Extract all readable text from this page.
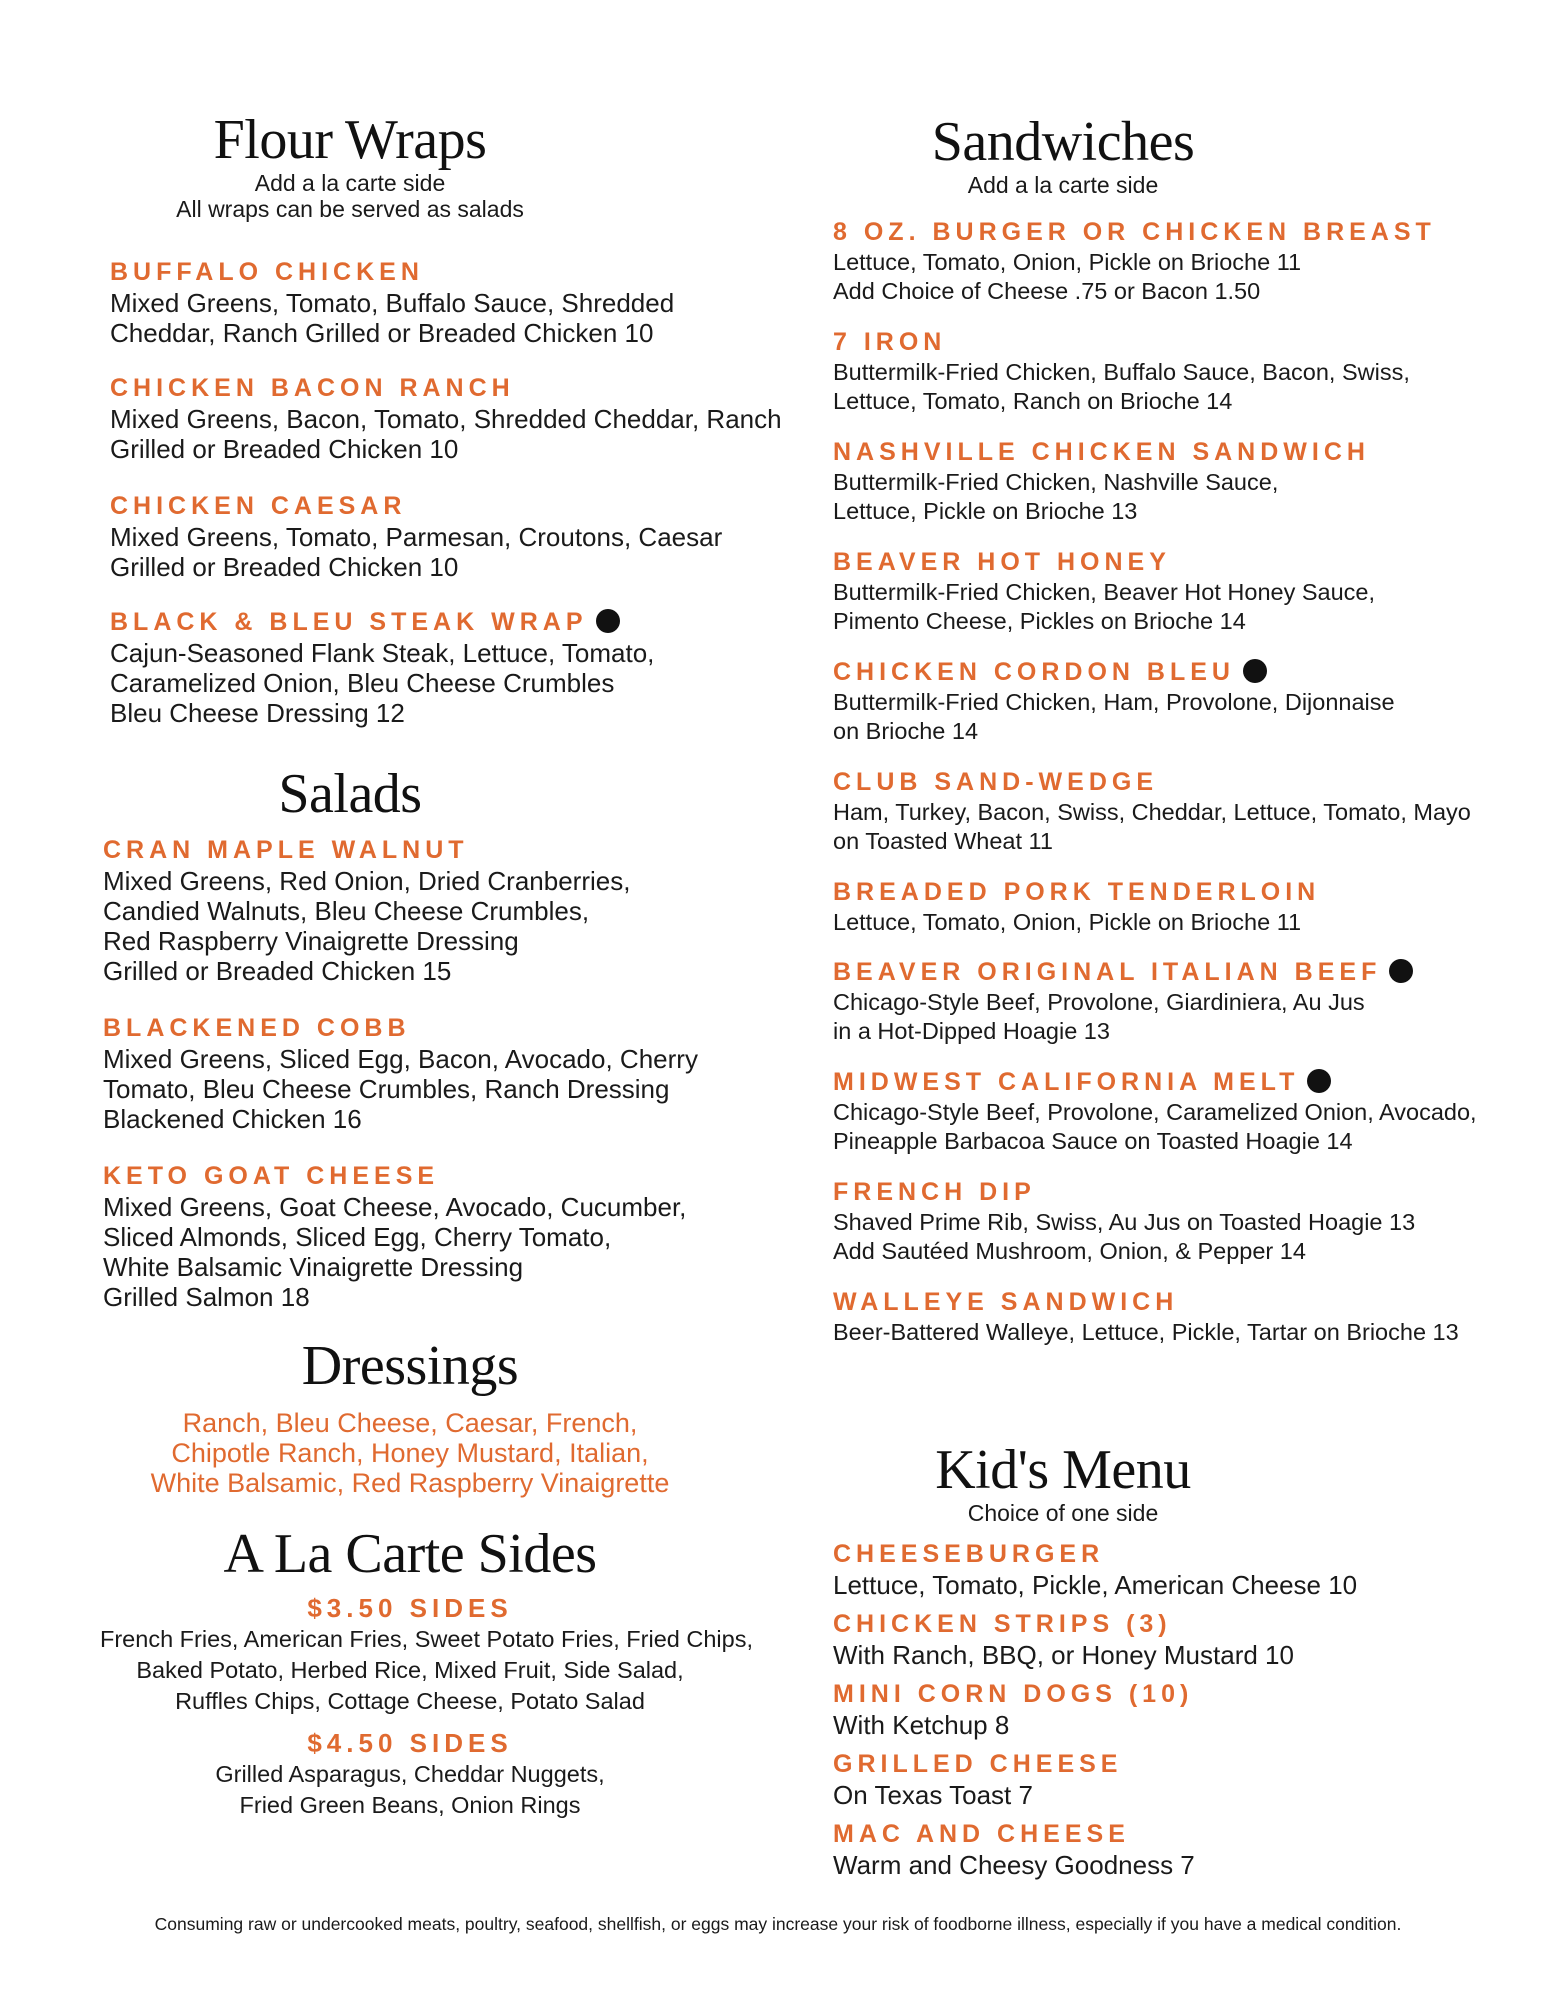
Flour Wraps

Add a la carte side

All wraps can be served as salads

BUFFALO CHICKEN

Mixed Greens, Tomato, Buffalo Sauce, Shredded

Cheddar, Ranch Grilled or Breaded Chicken 10

CHICKEN BACON RANCH

Mixed Greens, Bacon, Tomato, Shredded Cheddar, Ranch

Grilled or Breaded Chicken 10

CHICKEN CAESAR

Mixed Greens, Tomato, Parmesan, Croutons, Caesar

Grilled or Breaded Chicken 10

BLACK & BLEU STEAK WRAP

Cajun-Seasoned Flank Steak, Lettuce, Tomato,

Caramelized Onion, Bleu Cheese Crumbles

Bleu Cheese Dressing 12

Salads

CRAN MAPLE WALNUT

Mixed Greens, Red Onion, Dried Cranberries,

Candied Walnuts, Bleu Cheese Crumbles,

Red Raspberry Vinaigrette Dressing

Grilled or Breaded Chicken 15

BLACKENED COBB

Mixed Greens, Sliced Egg, Bacon, Avocado, Cherry

Tomato, Bleu Cheese Crumbles, Ranch Dressing

Blackened Chicken 16

KETO GOAT CHEESE

Mixed Greens, Goat Cheese, Avocado, Cucumber,

Sliced Almonds, Sliced Egg, Cherry Tomato,

White Balsamic Vinaigrette Dressing

Grilled Salmon 18

Dressings

Ranch, Bleu Cheese, Caesar, French,

Chipotle Ranch, Honey Mustard, Italian,

White Balsamic, Red Raspberry Vinaigrette

A La Carte Sides

$3.50 SIDES

French Fries, American Fries, Sweet Potato Fries, Fried Chips,

Baked Potato, Herbed Rice, Mixed Fruit, Side Salad,

Ruffles Chips, Cottage Cheese, Potato Salad

$4.50 SIDES

Grilled Asparagus, Cheddar Nuggets,

Fried Green Beans, Onion Rings

Sandwiches

Add a la carte side

8 OZ. BURGER OR CHICKEN BREAST

Lettuce, Tomato, Onion, Pickle on Brioche 11

Add Choice of Cheese .75 or Bacon 1.50

7 IRON

Buttermilk-Fried Chicken, Buffalo Sauce, Bacon, Swiss,

Lettuce, Tomato, Ranch on Brioche 14

NASHVILLE CHICKEN SANDWICH

Buttermilk-Fried Chicken, Nashville Sauce,

Lettuce, Pickle on Brioche 13

BEAVER HOT HONEY

Buttermilk-Fried Chicken, Beaver Hot Honey Sauce,

Pimento Cheese, Pickles on Brioche 14

CHICKEN CORDON BLEU

Buttermilk-Fried Chicken, Ham, Provolone, Dijonnaise

on Brioche 14

CLUB SAND-WEDGE

Ham, Turkey, Bacon, Swiss, Cheddar, Lettuce, Tomato, Mayo

on Toasted Wheat 11

BREADED PORK TENDERLOIN

Lettuce, Tomato, Onion, Pickle on Brioche 11

BEAVER ORIGINAL ITALIAN BEEF

Chicago-Style Beef, Provolone, Giardiniera, Au Jus

in a Hot-Dipped Hoagie 13

MIDWEST CALIFORNIA MELT

Chicago-Style Beef, Provolone, Caramelized Onion, Avocado,

Pineapple Barbacoa Sauce on Toasted Hoagie 14

FRENCH DIP

Shaved Prime Rib, Swiss, Au Jus on Toasted Hoagie 13

Add Sautéed Mushroom, Onion, & Pepper 14

WALLEYE SANDWICH

Beer-Battered Walleye, Lettuce, Pickle, Tartar on Brioche 13

Kid's Menu

Choice of one side

CHEESEBURGER

Lettuce, Tomato, Pickle, American Cheese 10

CHICKEN STRIPS (3)

With Ranch, BBQ, or Honey Mustard 10

MINI CORN DOGS (10)

With Ketchup 8

GRILLED CHEESE

On Texas Toast 7

MAC AND CHEESE

Warm and Cheesy Goodness 7

Consuming raw or undercooked meats, poultry, seafood, shellfish, or eggs may increase your risk of foodborne illness, especially if you have a medical condition.
